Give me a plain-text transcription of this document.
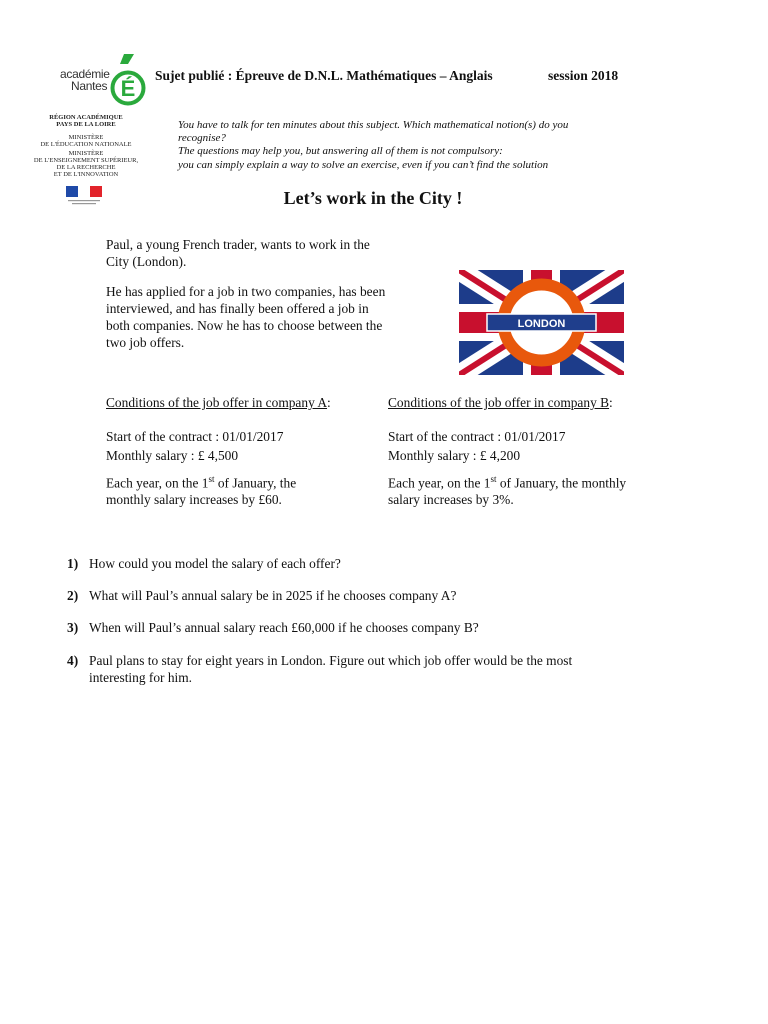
académie
Nantes É
RÉGION ACADÉMIQUE
PAYS DE LA LOIRE
MINISTÈRE
DE L'ÉDUCATION NATIONALE
MINISTÈRE
DE L'ENSEIGNEMENT SUPÉRIEUR,
DE LA RECHERCHE
ET DE L'INNOVATION
Sujet publié : Épreuve de D.N.L. Mathématiques – Anglais	session 2018
You have to talk for ten minutes about this subject. Which mathematical notion(s) do you
recognise?
The questions may help you, but answering all of them is not compulsory:
you can simply explain a way to solve an exercise, even if you can’t find the solution
Let’s work in the City !
Paul, a young French trader, wants to work in the City (London).
He has applied for a job in two companies, has been interviewed, and has finally been offered a job in both companies. Now he has to choose between the two job offers.
LONDON
Conditions of the job offer in company A:	Conditions of the job offer in company B:
Start of the contract : 01/01/2017
Monthly salary : £ 4,500
Each year, on the 1st of January, the
monthly salary increases by £60.
Start of the contract : 01/01/2017
Monthly salary : £ 4,200
Each year, on the 1st of January, the monthly
salary increases by 3%.
1) How could you model the salary of each offer?
2) What will Paul’s annual salary be in 2025 if he chooses company A?
3) When will Paul’s annual salary reach £60,000 if he chooses company B?
4) Paul plans to stay for eight years in London. Figure out which job offer would be the most
interesting for him.
